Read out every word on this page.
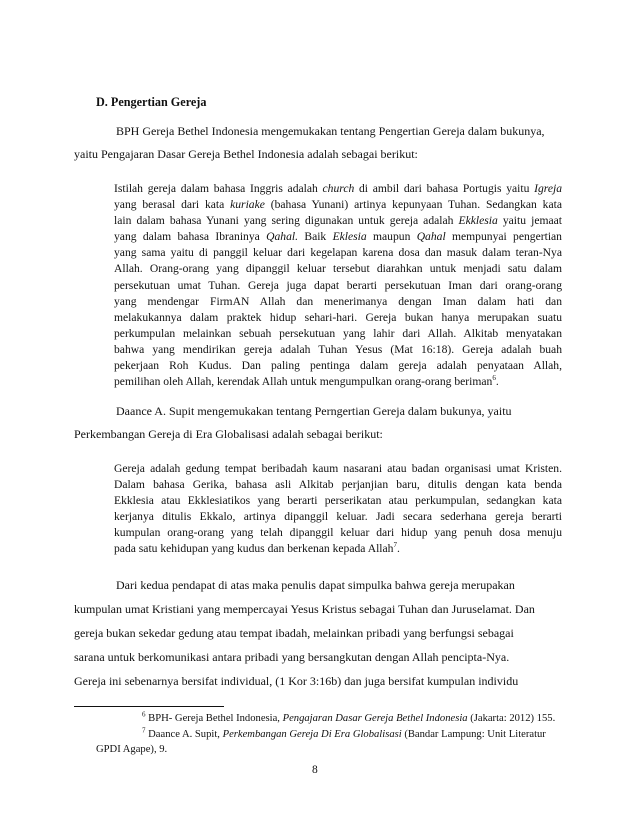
D. Pengertian Gereja
BPH Gereja Bethel Indonesia mengemukakan tentang Pengertian Gereja dalam bukunya,
yaitu Pengajaran Dasar Gereja Bethel Indonesia adalah sebagai berikut:
Istilah gereja dalam bahasa Inggris adalah church di ambil dari bahasa Portugis yaitu Igreja
yang berasal dari kata kuriake (bahasa Yunani) artinya kepunyaan Tuhan. Sedangkan kata
lain dalam bahasa Yunani yang sering digunakan untuk gereja adalah Ekklesia yaitu jemaat
yang dalam bahasa Ibraninya Qahal. Baik Eklesia maupun Qahal mempunyai pengertian
yang sama yaitu di panggil keluar dari kegelapan karena dosa dan masuk dalam teran-Nya
Allah. Orang-orang yang dipanggil keluar tersebut diarahkan untuk menjadi satu dalam
persekutuan umat Tuhan. Gereja juga dapat berarti persekutuan Iman dari orang-orang
yang mendengar FirmAN Allah dan menerimanya dengan Iman dalam hati dan
melakukannya dalam praktek hidup sehari-hari. Gereja bukan hanya merupakan suatu
perkumpulan melainkan sebuah persekutuan yang lahir dari Allah. Alkitab menyatakan
bahwa yang mendirikan gereja adalah Tuhan Yesus (Mat 16:18). Gereja adalah buah
pekerjaan Roh Kudus. Dan paling pentinga dalam gereja adalah penyataan Allah,
pemilihan oleh Allah, kerendak Allah untuk mengumpulkan orang-orang beriman$^6$.
Daance A. Supit mengemukakan tentang Perngertian Gereja dalam bukunya, yaitu
Perkembangan Gereja di Era Globalisasi adalah sebagai berikut:
Gereja adalah gedung tempat beribadah kaum nasarani atau badan organisasi umat Kristen.
Dalam bahasa Gerika, bahasa asli Alkitab perjanjian baru, ditulis dengan kata benda
Ekklesia atau Ekklesiatikos yang berarti perserikatan atau perkumpulan, sedangkan kata
kerjanya ditulis Ekkalo, artinya dipanggil keluar. Jadi secara sederhana gereja berarti
kumpulan orang-orang yang telah dipanggil keluar dari hidup yang penuh dosa menuju
pada satu kehidupan yang kudus dan berkenan kepada Allah$^7$.
Dari kedua pendapat di atas maka penulis dapat simpulka bahwa gereja merupakan
kumpulan umat Kristiani yang mempercayai Yesus Kristus sebagai Tuhan dan Juruselamat. Dan
gereja bukan sekedar gedung atau tempat ibadah, melainkan pribadi yang berfungsi sebagai
sarana untuk berkomunikasi antara pribadi yang bersangkutan dengan Allah pencipta-Nya.
Gereja ini sebenarnya bersifat individual, (1 Kor 3:16b) dan juga bersifat kumpulan individu
$^6$ BPH- Gereja Bethel Indonesia, Pengajaran Dasar Gereja Bethel Indonesia (Jakarta: 2012) 155.
$^7$ Daance A. Supit, Perkembangan Gereja Di Era Globalisasi (Bandar Lampung: Unit Literatur
GPDI Agape), 9.
8
